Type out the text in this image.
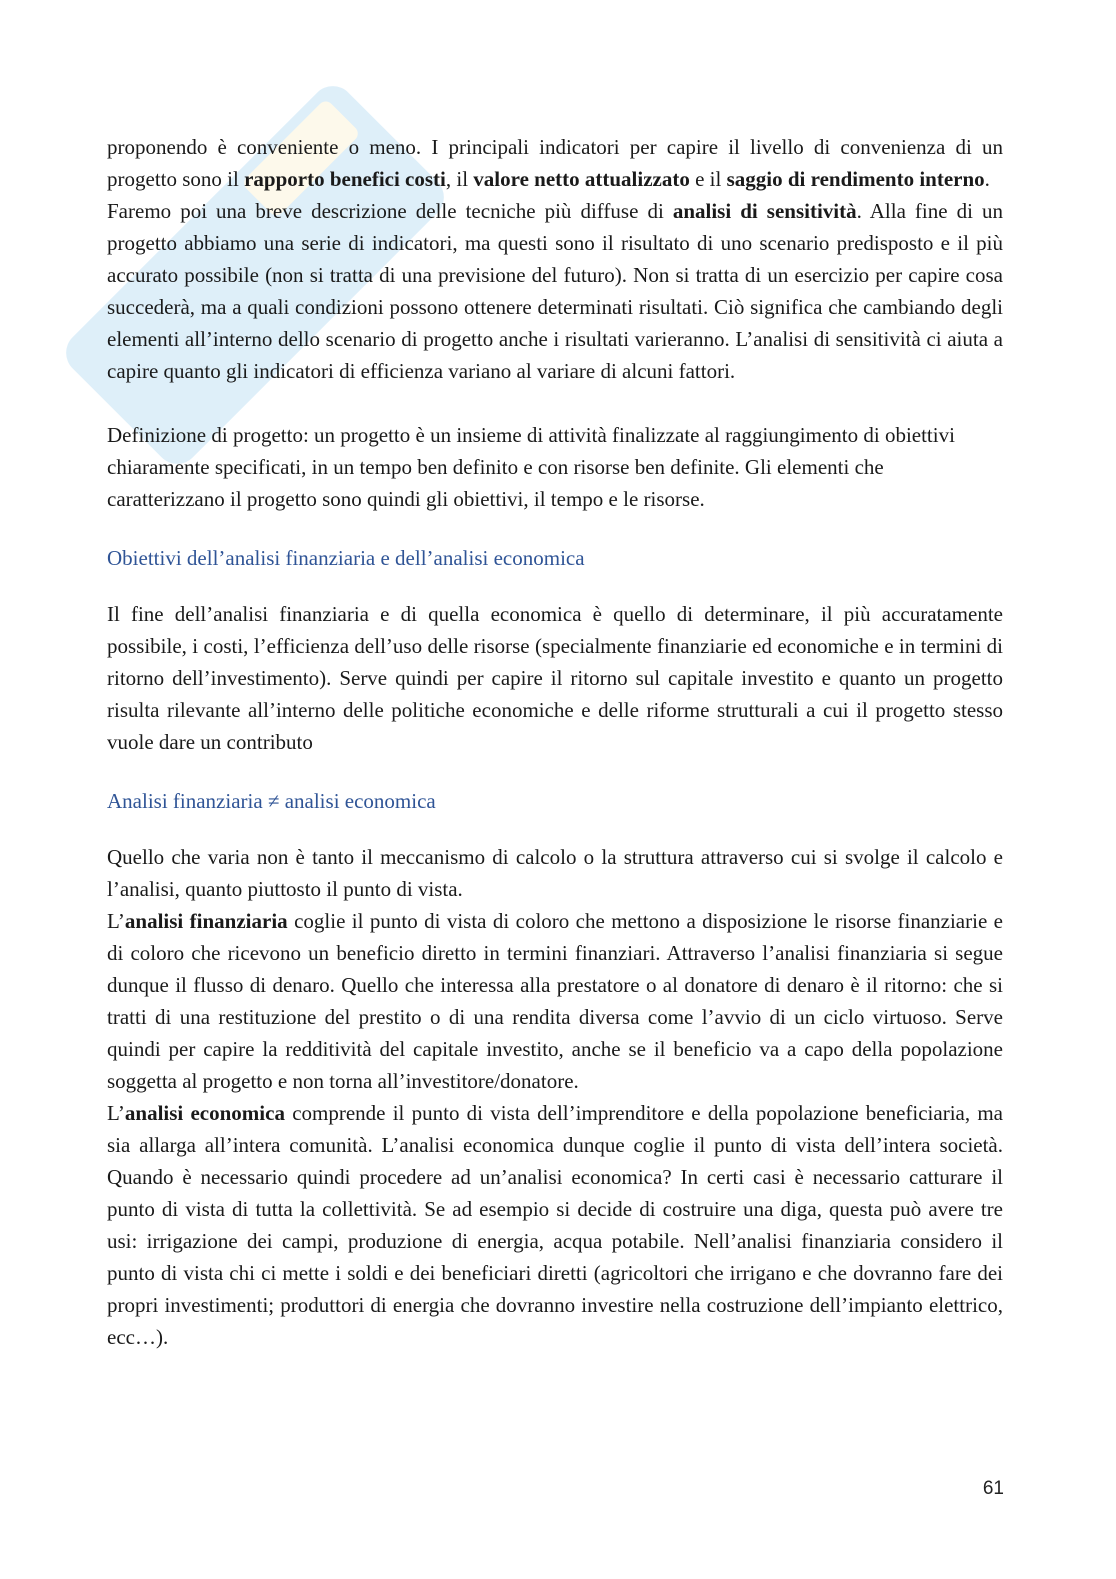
proponendo è conveniente o meno. I principali indicatori per capire il livello di convenienza di un progetto sono il rapporto benefici costi, il valore netto attualizzato e il saggio di rendimento interno.

Faremo poi una breve descrizione delle tecniche più diffuse di analisi di sensitività. Alla fine di un progetto abbiamo una serie di indicatori, ma questi sono il risultato di uno scenario predisposto e il più accurato possibile (non si tratta di una previsione del futuro). Non si tratta di un esercizio per capire cosa succederà, ma a quali condizioni possono ottenere determinati risultati. Ciò significa che cambiando degli elementi all’interno dello scenario di progetto anche i risultati varieranno. L’analisi di sensitività ci aiuta a capire quanto gli indicatori di efficienza variano al variare di alcuni fattori.

Definizione di progetto: un progetto è un insieme di attività finalizzate al raggiungimento di obiettivi chiaramente specificati, in un tempo ben definito e con risorse ben definite. Gli elementi che caratterizzano il progetto sono quindi gli obiettivi, il tempo e le risorse.

Obiettivi dell’analisi finanziaria e dell’analisi economica

Il fine dell’analisi finanziaria e di quella economica è quello di determinare, il più accuratamente possibile, i costi, l’efficienza dell’uso delle risorse (specialmente finanziarie ed economiche e in termini di ritorno dell’investimento). Serve quindi per capire il ritorno sul capitale investito e quanto un progetto risulta rilevante all’interno delle politiche economiche e delle riforme strutturali a cui il progetto stesso vuole dare un contributo

Analisi finanziaria ≠ analisi economica

Quello che varia non è tanto il meccanismo di calcolo o la struttura attraverso cui si svolge il calcolo e l’analisi, quanto piuttosto il punto di vista.

L’analisi finanziaria coglie il punto di vista di coloro che mettono a disposizione le risorse finanziarie e di coloro che ricevono un beneficio diretto in termini finanziari. Attraverso l’analisi finanziaria si segue dunque il flusso di denaro. Quello che interessa alla prestatore o al donatore di denaro è il ritorno: che si tratti di una restituzione del prestito o di una rendita diversa come l’avvio di un ciclo virtuoso. Serve quindi per capire la redditività del capitale investito, anche se il beneficio va a capo della popolazione soggetta al progetto e non torna all’investitore/donatore.

L’analisi economica comprende il punto di vista dell’imprenditore e della popolazione beneficiaria, ma sia allarga all’intera comunità. L’analisi economica dunque coglie il punto di vista dell’intera società. Quando è necessario quindi procedere ad un’analisi economica? In certi casi è necessario catturare il punto di vista di tutta la collettività. Se ad esempio si decide di costruire una diga, questa può avere tre usi: irrigazione dei campi, produzione di energia, acqua potabile. Nell’analisi finanziaria considero il punto di vista chi ci mette i soldi e dei beneficiari diretti (agricoltori che irrigano e che dovranno fare dei propri investimenti; produttori di energia che dovranno investire nella costruzione dell’impianto elettrico, ecc…).

61
